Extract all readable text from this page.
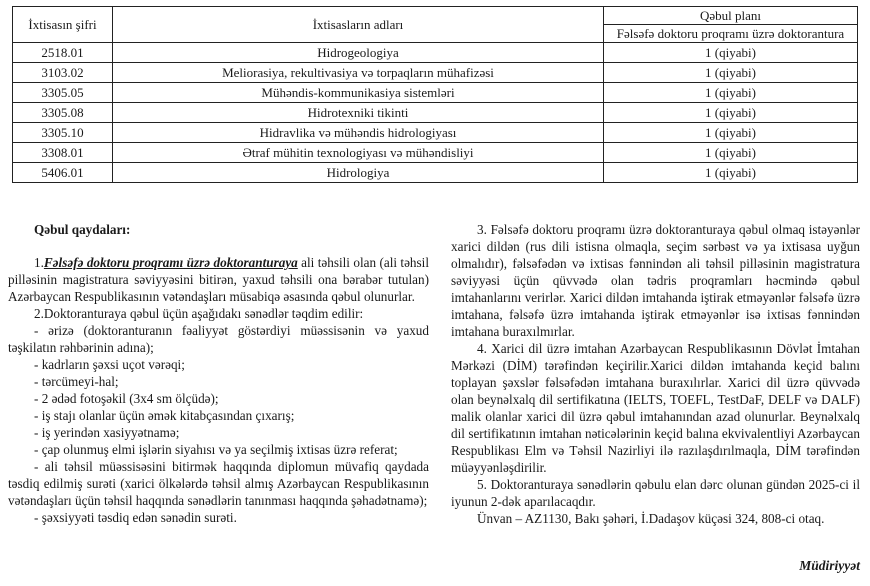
İxtisasın şifri	İxtisasların adları	Qəbul planı
		Fəlsəfə doktoru proqramı üzrə doktorantura
2518.01	Hidrogeologiya	1 (qiyabi)
3103.02	Meliorasiya, rekultivasiya və torpaqların mühafizəsi	1 (qiyabi)
3305.05	Mühəndis-kommunikasiya sistemləri	1 (qiyabi)
3305.08	Hidrotexniki tikinti	1 (qiyabi)
3305.10	Hidravlika və mühəndis hidrologiyası	1 (qiyabi)
3308.01	Ətraf mühitin texnologiyası və mühəndisliyi	1 (qiyabi)
5406.01	Hidrologiya	1 (qiyabi)

Qəbul qaydaları:

1.Fəlsəfə doktoru proqramı üzrə doktoranturaya ali təhsili olan (ali təhsil pilləsinin magistratura səviyyəsini bitirən, yaxud təhsili ona bərabər tutulan) Azərbaycan Respublikasının vətəndaşları müsabiqə əsasında qəbul olunurlar.

2.Doktoranturaya qəbul üçün aşağıdakı sənədlər təqdim edilir:

- ərizə (doktoranturanın fəaliyyət göstərdiyi müəssisənin və yaxud təşkilatın rəhbərinin adına);

- kadrların şəxsi uçot vərəqi;

- tərcümeyi-hal;

- 2 ədəd fotoşəkil (3x4 sm ölçüdə);

- iş stajı olanlar üçün əmək kitabçasından çıxarış;

- iş yerindən xasiyyətnamə;

- çap olunmuş elmi işlərin siyahısı və ya seçilmiş ixtisas üzrə referat;

- ali təhsil müəssisəsini bitirmək haqqında diplomun müvafiq qaydada təsdiq edilmiş surəti (xarici ölkələrdə təhsil almış Azərbaycan Respublikasının vətəndaşları üçün təhsil haqqında sənədlərin tanınması haqqında şəhadətnamə);

- şəxsiyyəti təsdiq edən sənədin surəti.

3. Fəlsəfə doktoru proqramı üzrə doktoranturaya qəbul olmaq istəyənlər xarici dildən (rus dili istisna olmaqla, seçim sərbəst və ya ixtisasa uyğun olmalıdır), fəlsəfədən və ixtisas fənnindən ali təhsil pilləsinin magistratura səviyyəsi üçün qüvvədə olan tədris proqramları həcmində qəbul imtahanlarını verirlər. Xarici dildən imtahanda iştirak etməyənlər fəlsəfə üzrə imtahana, fəlsəfə üzrə imtahanda iştirak etməyənlər isə ixtisas fənnindən imtahana buraxılmırlar.

4. Xarici dil üzrə imtahan Azərbaycan Respublikasının Dövlət İmtahan Mərkəzi (DİM) tərəfindən keçirilir.Xarici dildən imtahanda keçid balını toplayan şəxslər fəlsəfədən imtahana buraxılırlar. Xarici dil üzrə qüvvədə olan beynəlxalq dil sertifikatına (IELTS, TOEFL, TestDaF, DELF və DALF) malik olanlar xarici dil üzrə qəbul imtahanından azad olunurlar. Beynəlxalq dil sertifikatının imtahan nəticələrinin keçid balına ekvivalentliyi Azərbaycan Respublikası Elm və Təhsil Nazirliyi ilə razılaşdırılmaqla, DİM tərəfindən müəyyənləşdirilir.

5. Doktoranturaya sənədlərin qəbulu elan dərc olunan gündən 2025-ci il iyunun 2-dək aparılacaqdır.

Ünvan – AZ1130, Bakı şəhəri, İ.Dadaşov küçəsi 324, 808-ci otaq.

Müdiriyyət
